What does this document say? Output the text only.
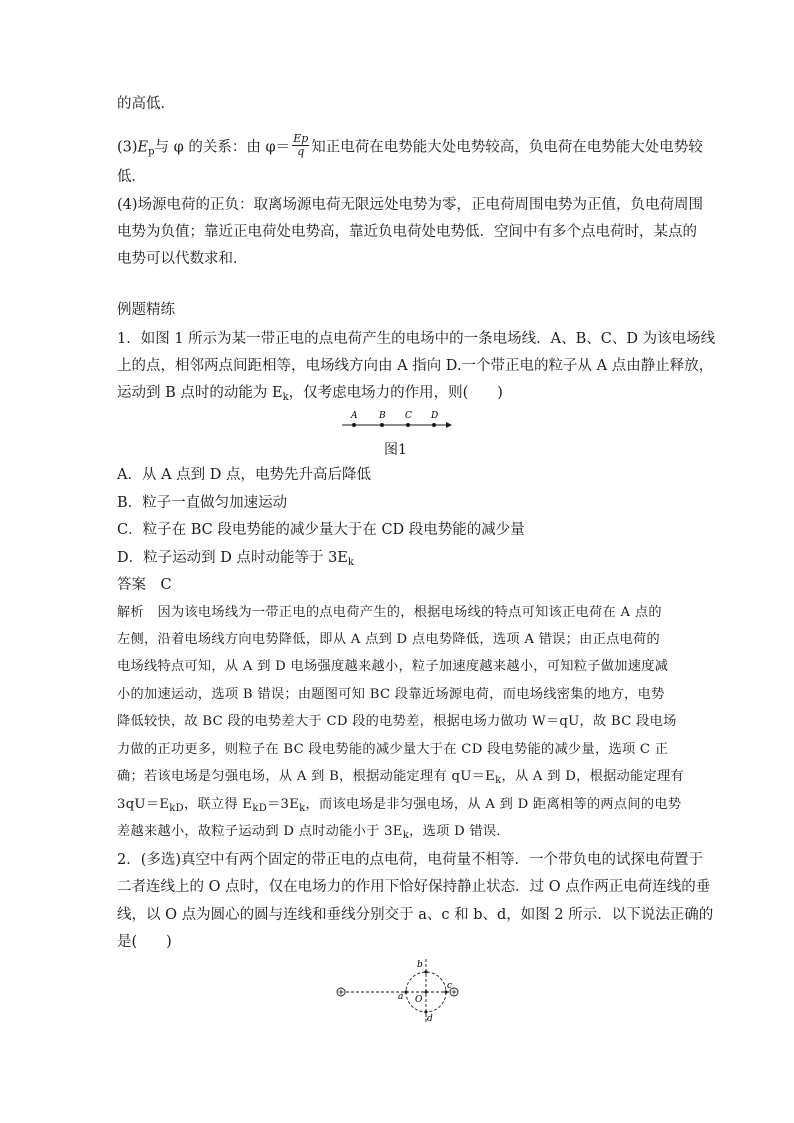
的高低．
$(3)E_p$与 φ 的关系：由 $\varphi= \frac{Ep}{q}$ 知正电荷在电势能大处电势较高，负电荷在电势能大处电势较
低．
(4)场源电荷的正负：取离场源电荷无限远处电势为零，正电荷周围电势为正值，负电荷周围
电势为负值；靠近正电荷处电势高，靠近负电荷处电势低．空间中有多个点电荷时，某点的
电势可以代数求和．
例题精练
1．如图 1 所示为某一带正电的点电荷产生的电场中的一条电场线．A、B、C、D 为该电场线
上的点，相邻两点间距相等，电场线方向由 A 指向 D.一个带正电的粒子从 A 点由静止释放，
运动到 B 点时的动能为 $E_k$，仅考虑电场力的作用，则(　　)
A B C D
图1
A．从 A 点到 D 点，电势先升高后降低
B．粒子一直做匀加速运动
C．粒子在 BC 段电势能的减少量大于在 CD 段电势能的减少量
D．粒子运动到 D 点时动能等于 $3E_k$
答案　C
解析　因为该电场线为一带正电的点电荷产生的，根据电场线的特点可知该正电荷在 A 点的
左侧，沿着电场线方向电势降低，即从 A 点到 D 点电势降低，选项 A 错误；由正点电荷的
电场线特点可知，从 A 到 D 电场强度越来越小，粒子加速度越来越小，可知粒子做加速度减
小的加速运动，选项 B 错误；由题图可知 BC 段靠近场源电荷，而电场线密集的地方，电势
降低较快，故 BC 段的电势差大于 CD 段的电势差，根据电场力做功 W＝qU，故 BC 段电场
力做的正功更多，则粒子在 BC 段电势能的减少量大于在 CD 段电势能的减少量，选项 C 正
确；若该电场是匀强电场，从 A 到 B，根据动能定理有 $qU=E_k$，从 A 到 D，根据动能定理有
$3qU=E_{kD}$，联立得 $E_{kD}=3E_k$，而该电场是非匀强电场，从 A 到 D 距离相等的两点间的电势
差越来越小，故粒子运动到 D 点时动能小于 $3E_k$，选项 D 错误．
2．(多选)真空中有两个固定的带正电的点电荷，电荷量不相等．一个带负电的试探电荷置于
二者连线上的 O 点时，仅在电场力的作用下恰好保持静止状态．过 O 点作两正电荷连线的垂
线，以 O 点为圆心的圆与连线和垂线分别交于 a、c 和 b、d，如图 2 所示．以下说法正确的
是(　　)
b
a O
c
d
